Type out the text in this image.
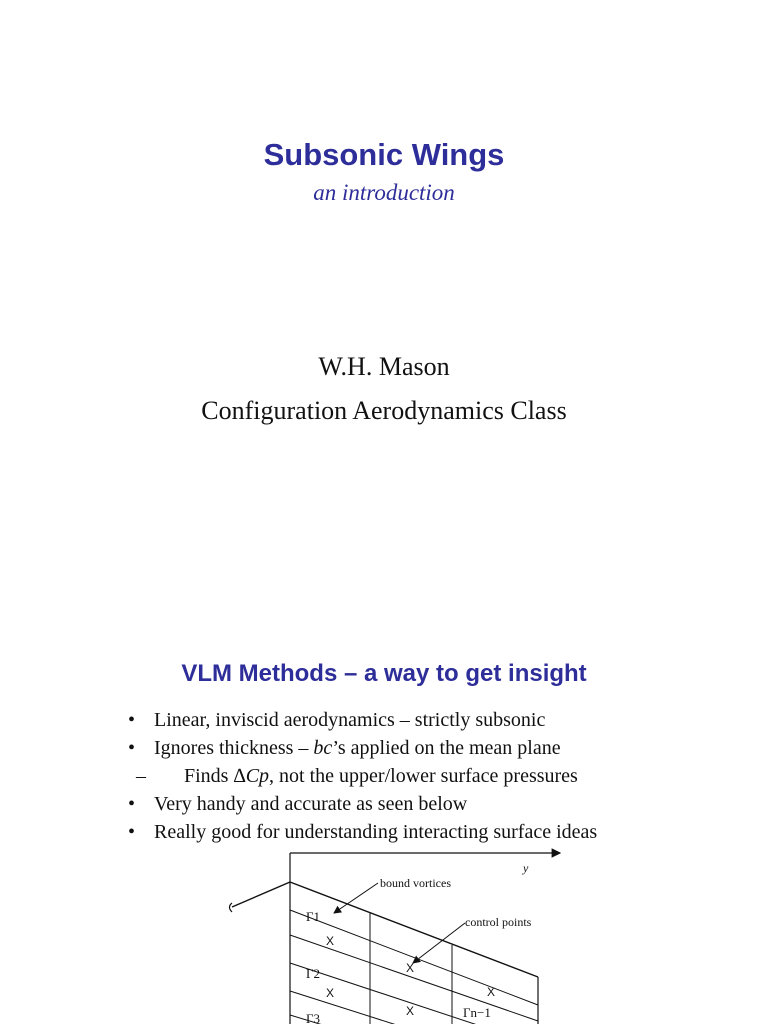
Subsonic Wings
an introduction
W.H. Mason
Configuration Aerodynamics Class
VLM Methods – a way to get insight
• Linear, inviscid aerodynamics – strictly subsonic
• Ignores thickness – bc’s applied on the mean plane
– Finds ∆Cp, not the upper/lower surface pressures
• Very handy and accurate as seen below
• Really good for understanding interacting surface ideas
y
bound vortices
control points
Γ1
Γ2
Γ3	Γn−1
X
X
X
X
X
